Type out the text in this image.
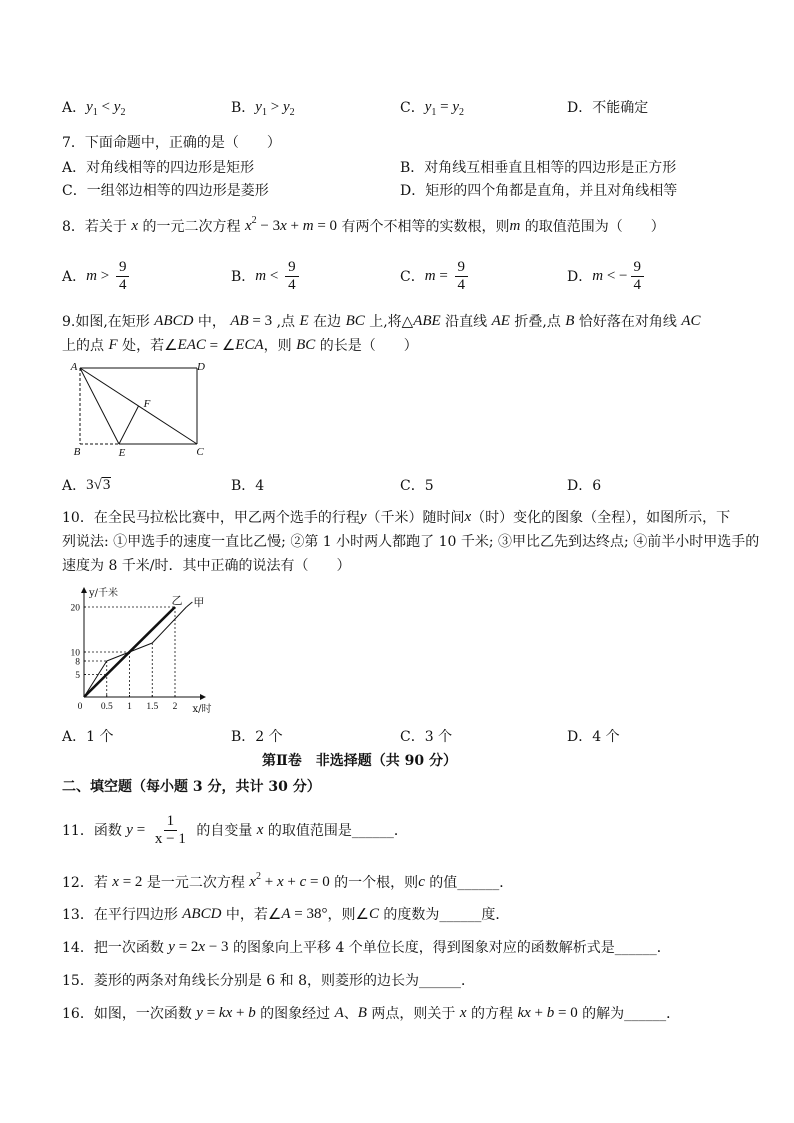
A． y 1 < y 2	B． y 1 > y 2	C． y 1 = y 2	D．不能确定
7．下面命题中，正确的是（　　）
A．对角线相等的四边形是矩形	B．对角线互相垂直且相等的四边形是正方形
C．一组邻边相等的四边形是菱形	D．矩形的四个角都是直角，并且对角线相等
8．若关于 x 的一元二次方程 x 2 − 3 x + m = 0 有两个不相等的实数根，则 m 的取值范围为（　　）
A． $m > \frac{9}{4}$	B． $m < \frac{9}{4}$	C． $m = \frac{9}{4}$	D． m < − $\frac{9}{4}$
9.如图,在矩形 ABCD 中， AB = 3 ,点 E 在边 BC 上,将 △ ABE 沿直线 AE 折叠,点 B 恰好落在对角线 AC
上的点 F 处，若 ∠ EAC = ∠ ECA ，则 BC 的长是（　　）
A	D
B	E	C
F
A． 3√ 3	B．4	C．5	D．6
10．在全民马拉松比赛中，甲乙两个选手的行程 y （千米）随时间 x （时）变化的图象（全程），如图所示，下
列说法: ①甲选手的速度一直比乙慢; ②第 1 小时两人都跑了 10 千米; ③甲比乙先到达终点; ④前半小时甲选手的
速度为 8 千米/时．其中正确的说法有（　　）
0.5 1 1.5 2
0
5
8
10
20
y/千米
x/时
乙 甲
A．1 个	B．2 个	C．3 个	D．4 个
第Ⅱ卷　非选择题（共 90 分）
二、填空题（每小题 3 分，共计 30 分）
11．函数 $y = \frac{1}{x - 1}$ 的自变量 x 的取值范围是______．
12．若 x = 2 是一元二次方程 x 2 + x + c = 0 的一个根，则 c 的值______．
13．在平行四边形 ABCD 中，若 ∠ A = 38° ，则 ∠ C 的度数为______度．
14．把一次函数 y = 2 x − 3 的图象向上平移 4 个单位长度，得到图象对应的函数解析式是______．
15．菱形的两条对角线长分别是 6 和 8，则菱形的边长为______．
16．如图，一次函数 y = kx + b 的图象经过 A 、 B 两点，则关于 x 的方程 kx + b = 0 的解为______．
